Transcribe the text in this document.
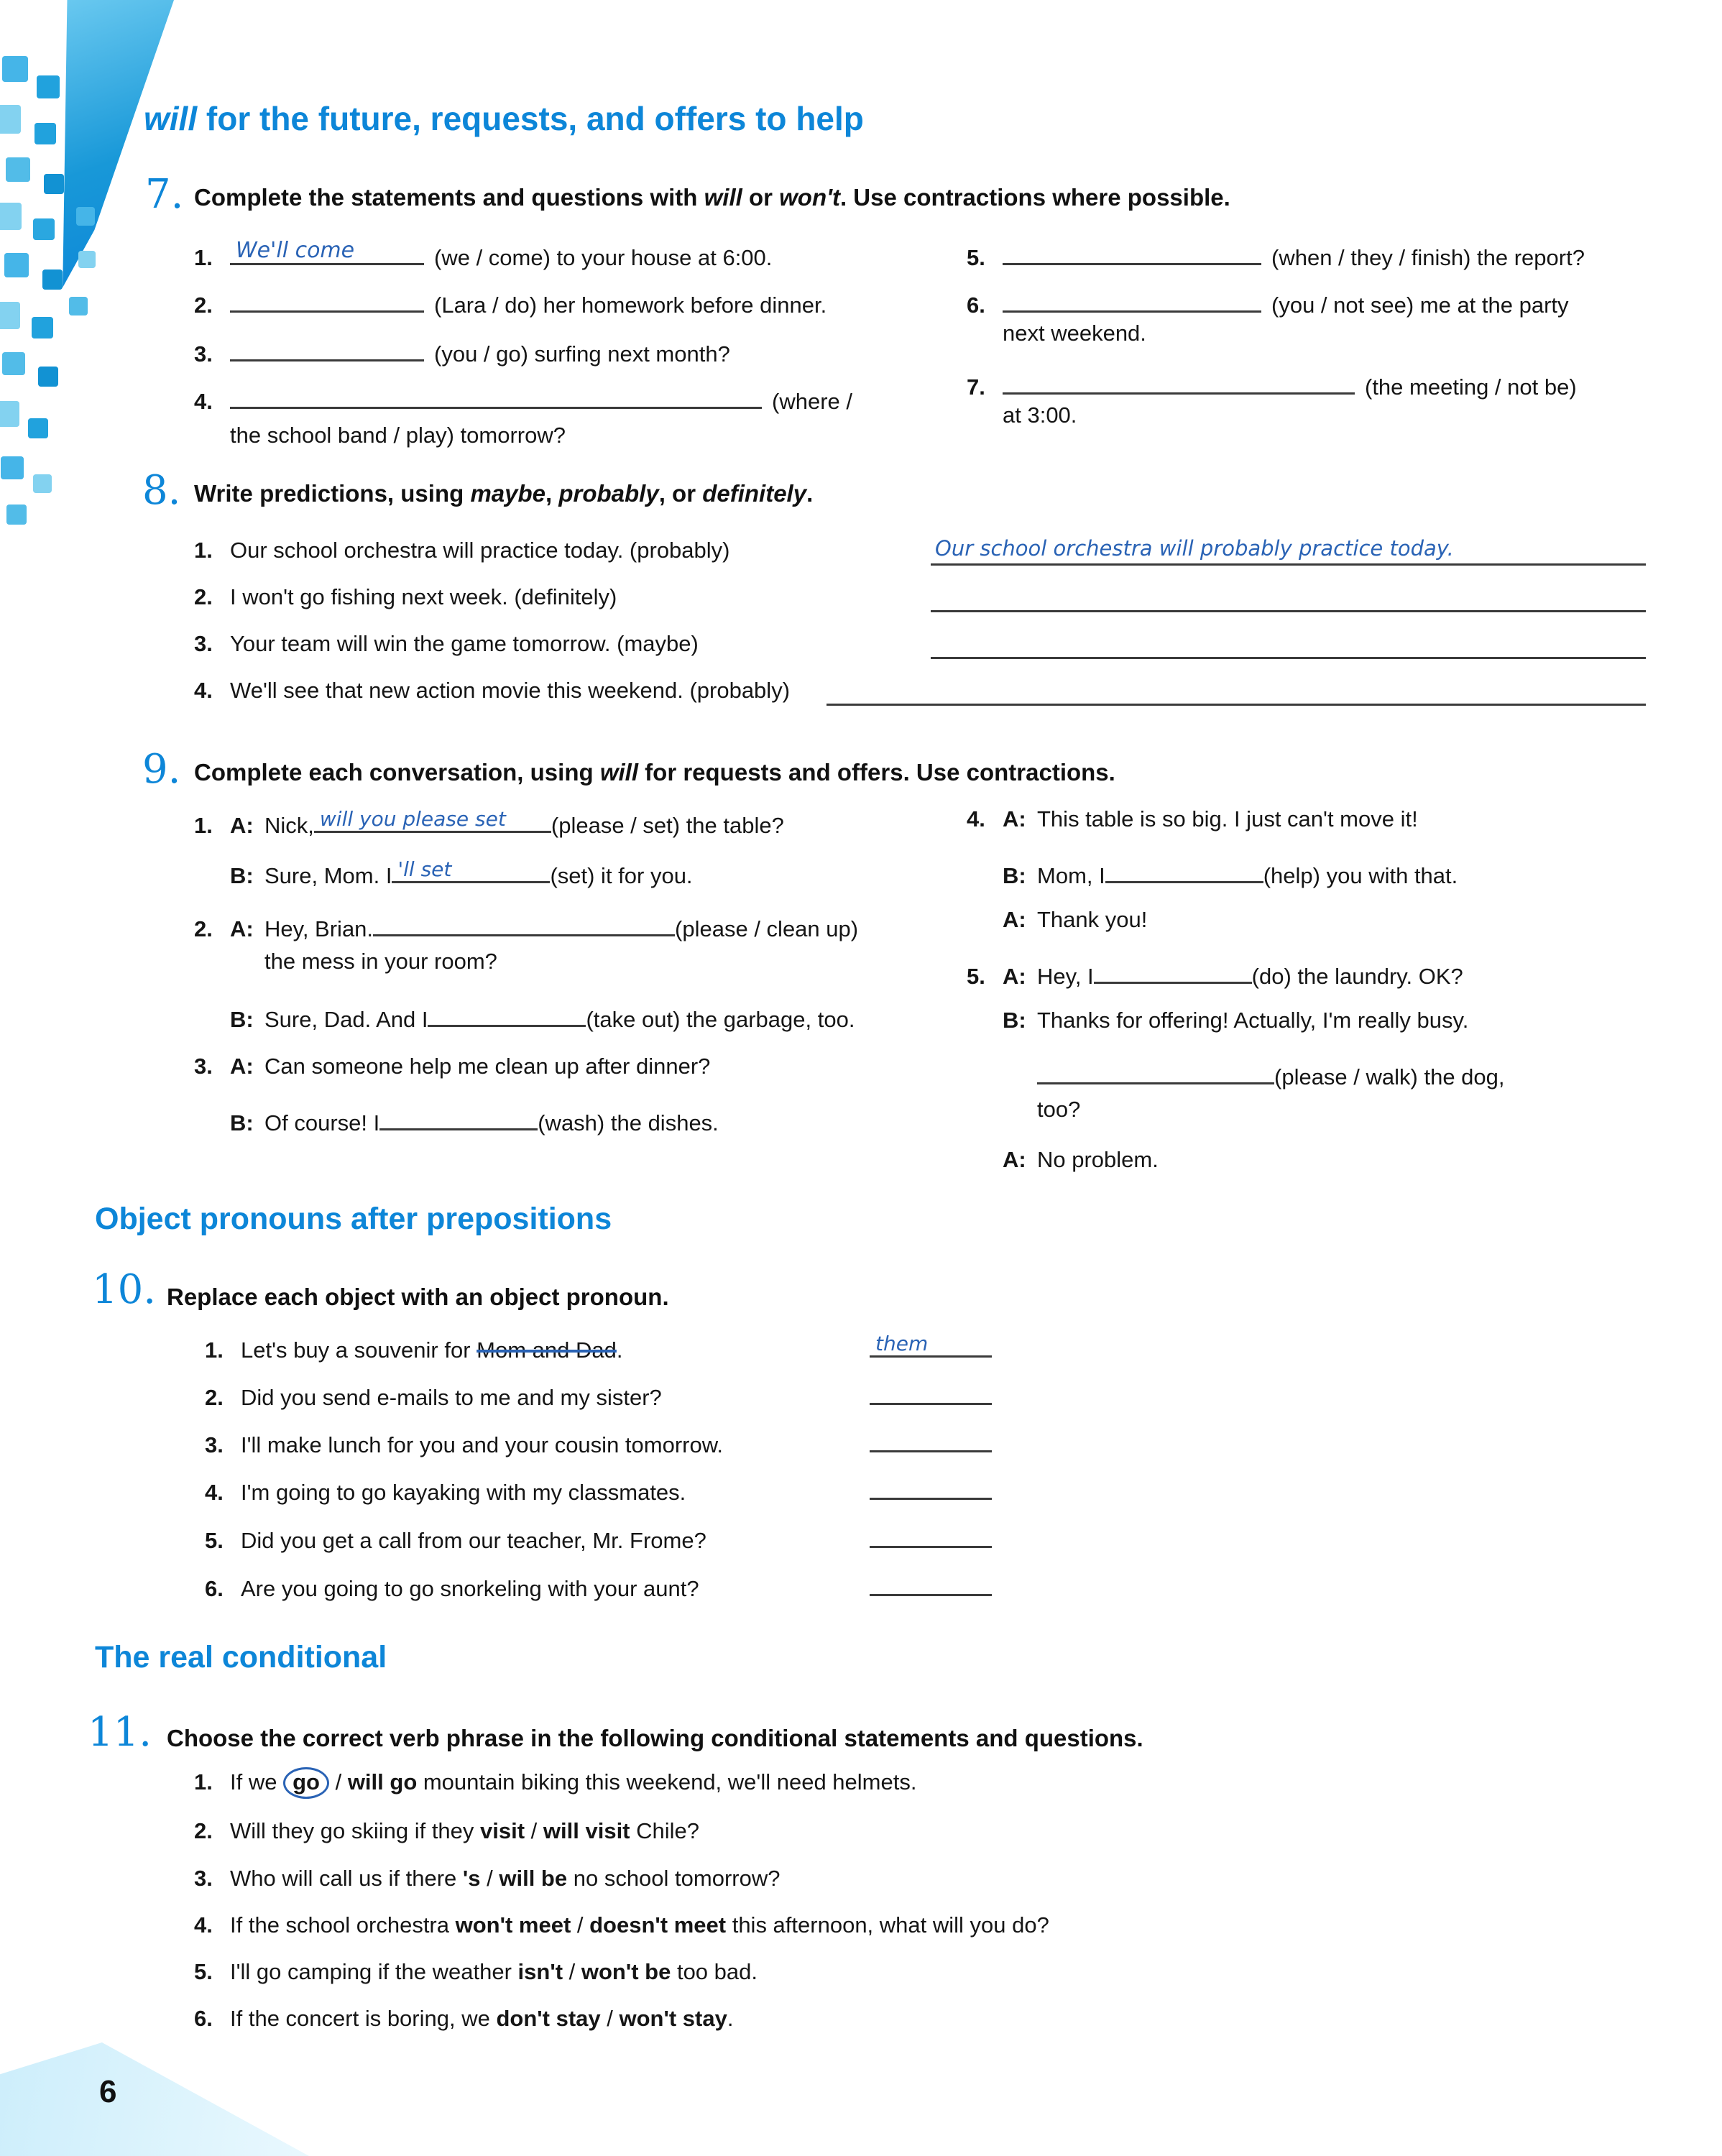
6
will for the future, requests, and offers to help
7. Complete the statements and questions with will or won't. Use contractions where possible.
1.	We'll come	(we / come) to your house at 6:00.
2.	(Lara / do) her homework before dinner.
3.	(you / go) surfing next month?
4.	(where /
the school band / play) tomorrow?
5.	(when / they / finish) the report?
6.	(you / not see) me at the party
next weekend.
7.	(the meeting / not be)
at 3:00.
8. Write predictions, using maybe, probably, or definitely.
1. Our school orchestra will practice today. (probably)	Our school orchestra will probably practice today.
2. I won't go fishing next week. (definitely)
3. Your team will win the game tomorrow. (maybe)
4. We'll see that new action movie this weekend. (probably)
9. Complete each conversation, using will for requests and offers. Use contractions.
1. A: Nick, will you please set (please / set) the table?
B: Sure, Mom. I 'll set	(set) it for you.
2. A: Hey, Brian.	(please / clean up)
the mess in your room?
B: Sure, Dad. And I	(take out) the garbage, too.
3. A: Can someone help me clean up after dinner?
B: Of course! I	(wash) the dishes.
4. A: This table is so big. I just can't move it!
B: Mom, I	(help) you with that.
A: Thank you!
5. A: Hey, I	(do) the laundry. OK?
B: Thanks for offering! Actually, I'm really busy.
(please / walk) the dog,
too?
A: No problem.
Object pronouns after prepositions
10. Replace each object with an object pronoun.
1. Let's buy a souvenir for Mom and Dad.	them
2. Did you send e-mails to me and my sister?
3. I'll make lunch for you and your cousin tomorrow.
4. I'm going to go kayaking with my classmates.
5. Did you get a call from our teacher, Mr. Frome?
6. Are you going to go snorkeling with your aunt?
The real conditional
11. Choose the correct verb phrase in the following conditional statements and questions.
1. If we go / will go mountain biking this weekend, we'll need helmets.
2. Will they go skiing if they visit / will visit Chile?
3. Who will call us if there 's / will be no school tomorrow?
4. If the school orchestra won't meet / doesn't meet this afternoon, what will you do?
5. I'll go camping if the weather isn't / won't be too bad.
6. If the concert is boring, we don't stay / won't stay.
